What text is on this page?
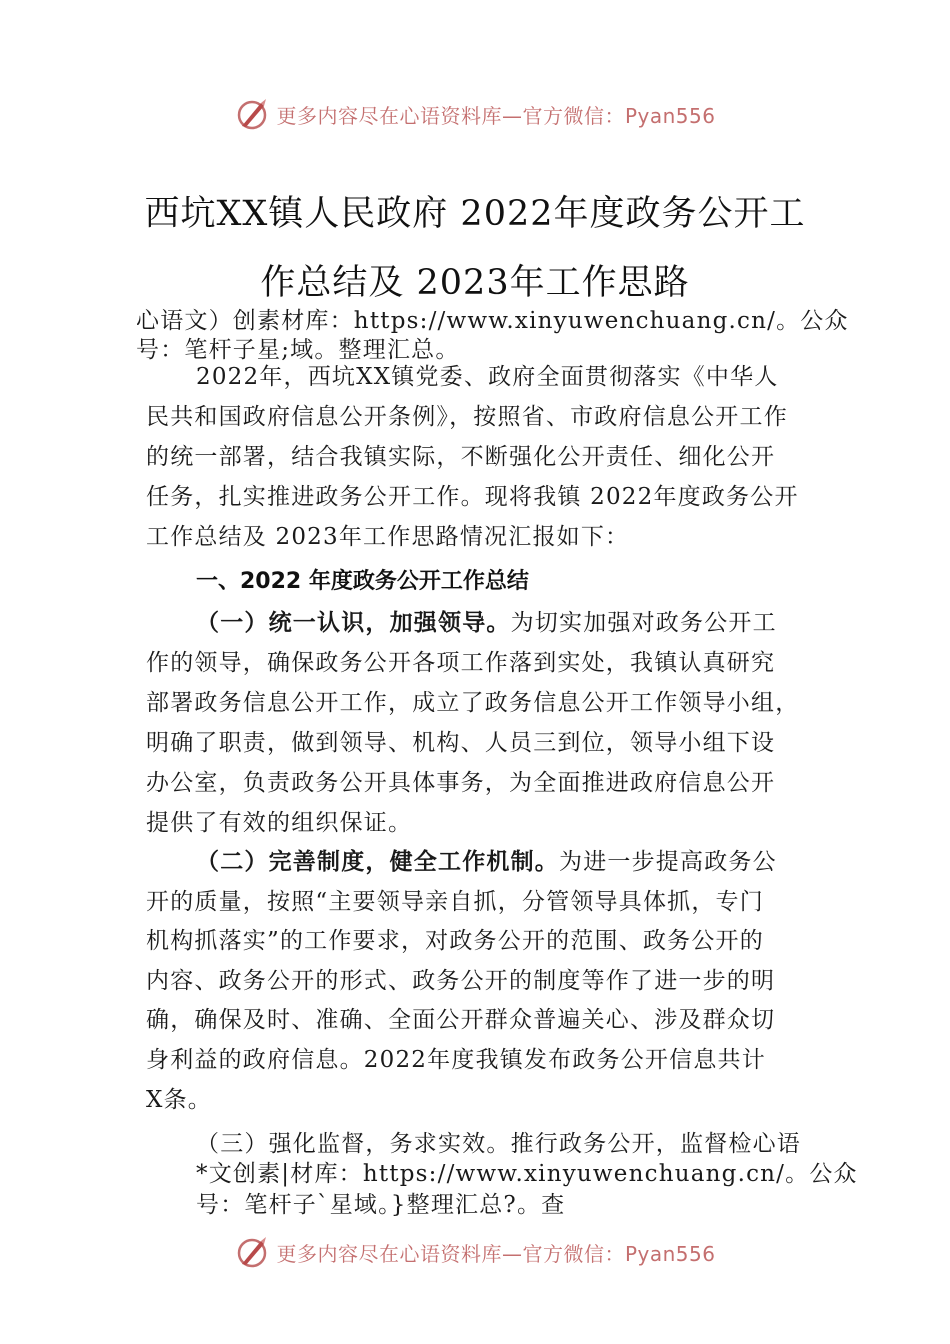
更多内容尽在心语资料库—官方微信：Pyan556
西坑XX镇人民政府 2022年度政务公开工
作总结及 2023年工作思路
心语文）创素材库：https://www.xinyuwenchuang.cn/。公众
号：笔杆子星;域。整理汇总。
2022年，西坑XX镇党委、政府全面贯彻落实《中华人
民共和国政府信息公开条例》，按照省、市政府信息公开工作
的统一部署，结合我镇实际，不断强化公开责任、细化公开
任务，扎实推进政务公开工作。现将我镇 2022年度政务公开
工作总结及 2023年工作思路情况汇报如下：
一、2022 年度政务公开工作总结
（一）统一认识，加强领导。为切实加强对政务公开工
作的领导，确保政务公开各项工作落到实处，我镇认真研究
部署政务信息公开工作，成立了政务信息公开工作领导小组，
明确了职责，做到领导、机构、人员三到位，领导小组下设
办公室，负责政务公开具体事务，为全面推进政府信息公开
提供了有效的组织保证。
（二）完善制度，健全工作机制。为进一步提高政务公
开的质量，按照“主要领导亲自抓，分管领导具体抓，专门
机构抓落实”的工作要求，对政务公开的范围、政务公开的
内容、政务公开的形式、政务公开的制度等作了进一步的明
确，确保及时、准确、全面公开群众普遍关心、涉及群众切
身利益的政府信息。2022年度我镇发布政务公开信息共计
X条。
（三）强化监督，务求实效。推行政务公开，监督检心语
*文创素|材库：https://www.xinyuwenchuang.cn/。公众
号：笔杆子`星域。}整理汇总?。查
更多内容尽在心语资料库—官方微信：Pyan556
